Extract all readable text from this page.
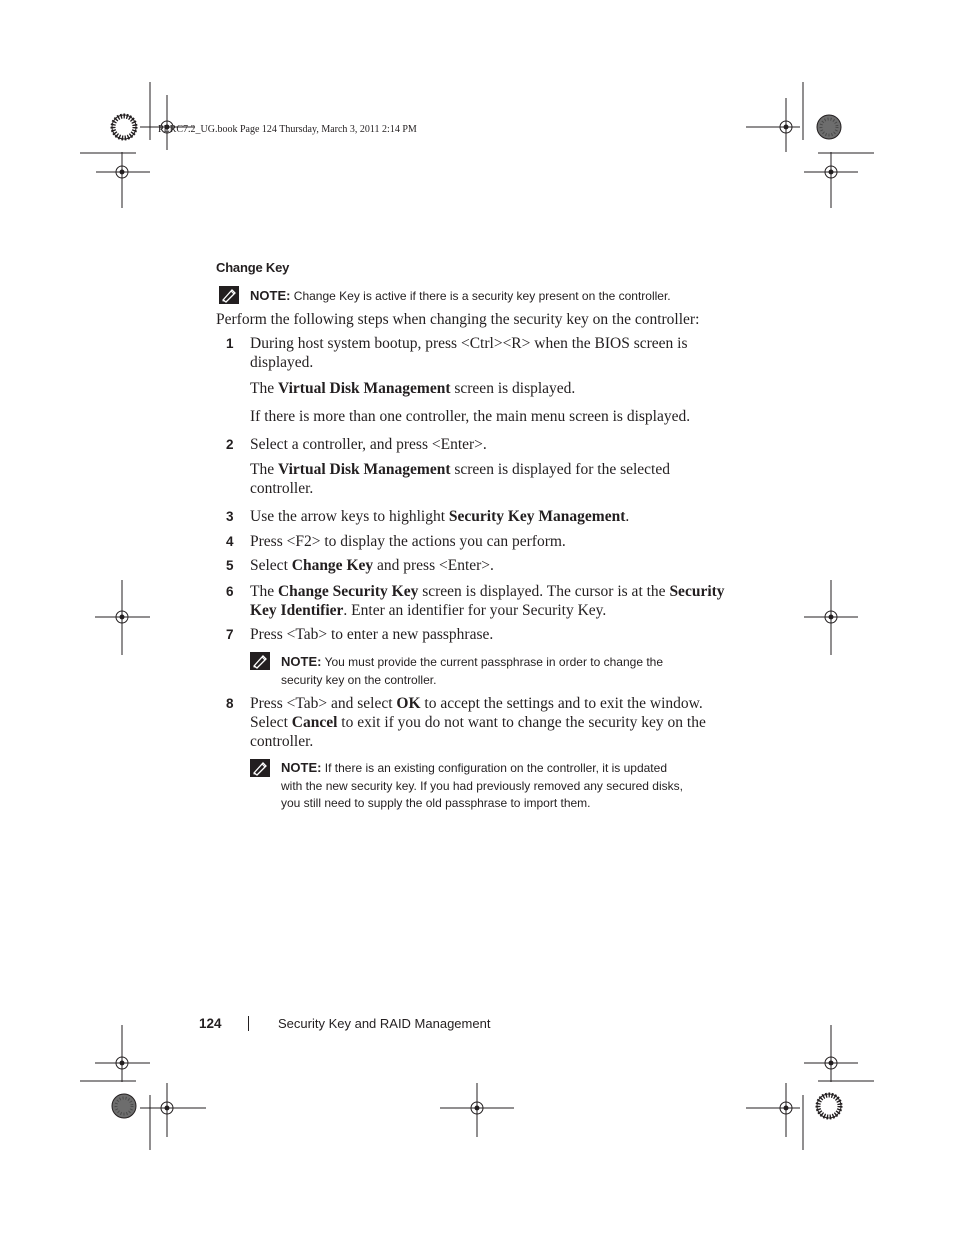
PERC7.2_UG.book Page 124 Thursday, March 3, 2011 2:14 PM
Change Key
NOTE: Change Key is active if there is a security key present on the controller.
Perform the following steps when changing the security key on the controller:
1 During host system bootup, press <Ctrl><R> when the BIOS screen is
displayed.
The Virtual Disk Management screen is displayed.
If there is more than one controller, the main menu screen is displayed.
2 Select a controller, and press <Enter>.
The Virtual Disk Management screen is displayed for the selected
controller.
3 Use the arrow keys to highlight Security Key Management.
4 Press <F2> to display the actions you can perform.
5 Select Change Key and press <Enter>.
6 The Change Security Key screen is displayed. The cursor is at the Security
Key Identifier. Enter an identifier for your Security Key.
7 Press <Tab> to enter a new passphrase.
NOTE: You must provide the current passphrase in order to change the
security key on the controller.
8 Press <Tab> and select OK to accept the settings and to exit the window.
Select Cancel to exit if you do not want to change the security key on the
controller.
NOTE: If there is an existing configuration on the controller, it is updated
with the new security key. If you had previously removed any secured disks,
you still need to supply the old passphrase to import them.
124	Security Key and RAID Management
